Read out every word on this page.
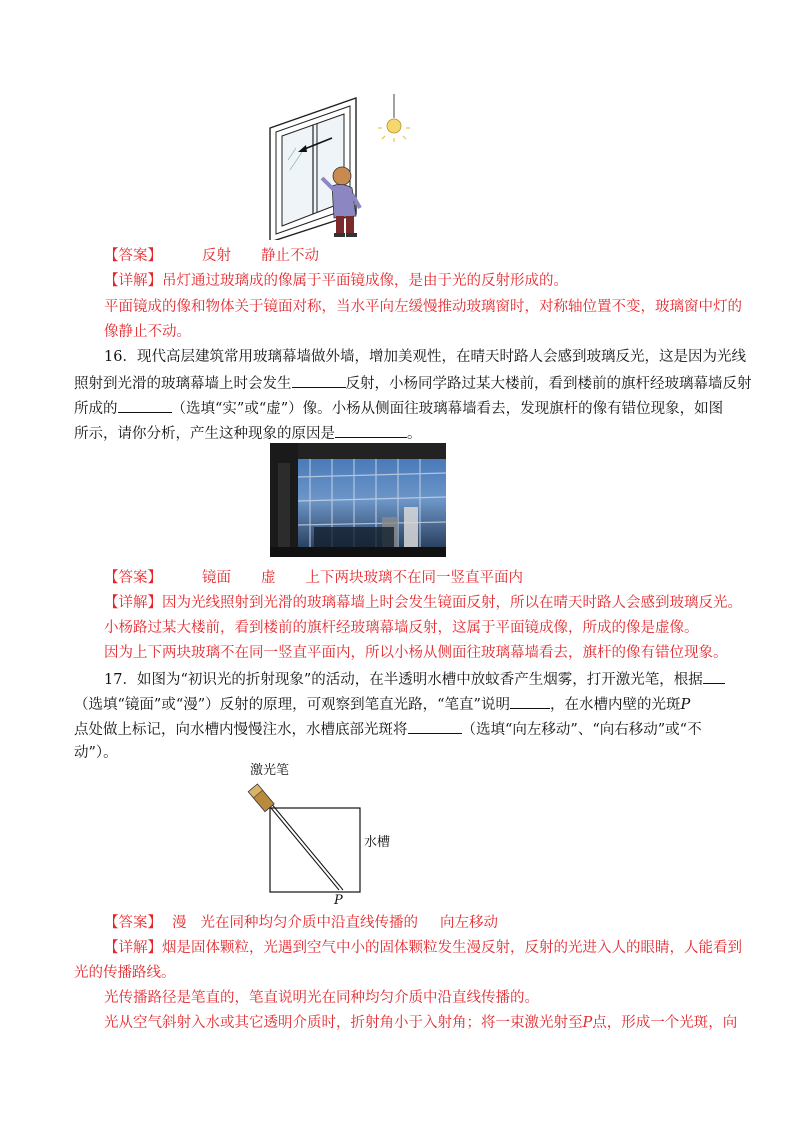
【答案】	反射 静止不动
【详解】吊灯通过玻璃成的像属于平面镜成像，是由于光的反射形成的。
平面镜成的像和物体关于镜面对称，当水平向左缓慢推动玻璃窗时，对称轴位置不变，玻璃窗中灯的
像静止不动。
16．现代高层建筑常用玻璃幕墙做外墙，增加美观性，在晴天时路人会感到玻璃反光，这是因为光线
照射到光滑的玻璃幕墙上时会发生	反射，小杨同学路过某大楼前，看到楼前的旗杆经玻璃幕墙反射
所成的	（选填“实”或“虚”）像。小杨从侧面往玻璃幕墙看去，发现旗杆的像有错位现象，如图
所示，请你分析，产生这种现象的原因是	。
【答案】	镜面 虚 上下两块玻璃不在同一竖直平面内
【详解】因为光线照射到光滑的玻璃幕墙上时会发生镜面反射，所以在晴天时路人会感到玻璃反光。
小杨路过某大楼前，看到楼前的旗杆经玻璃幕墙反射，这属于平面镜成像，所成的像是虚像。
因为上下两块玻璃不在同一竖直平面内，所以小杨从侧面往玻璃幕墙看去，旗杆的像有错位现象。
17．如图为“初识光的折射现象”的活动，在半透明水槽中放蚊香产生烟雾，打开激光笔，根据
（选填“镜面”或“漫”）反射的原理，可观察到笔直光路，“笔直”说明	，在水槽内壁的光斑P
点处做上标记，向水槽内慢慢注水，水槽底部光斑将	（选填“向左移动”、“向右移动”或“不
动”）。
激光笔
水槽
P
【答案】 漫 光在同种均匀介质中沿直线传播的 向左移动
【详解】烟是固体颗粒，光遇到空气中小的固体颗粒发生漫反射，反射的光进入人的眼睛，人能看到
光的传播路线。
光传播路径是笔直的，笔直说明光在同种均匀介质中沿直线传播的。
光从空气斜射入水或其它透明介质时，折射角小于入射角；将一束激光射至P点，形成一个光斑，向
